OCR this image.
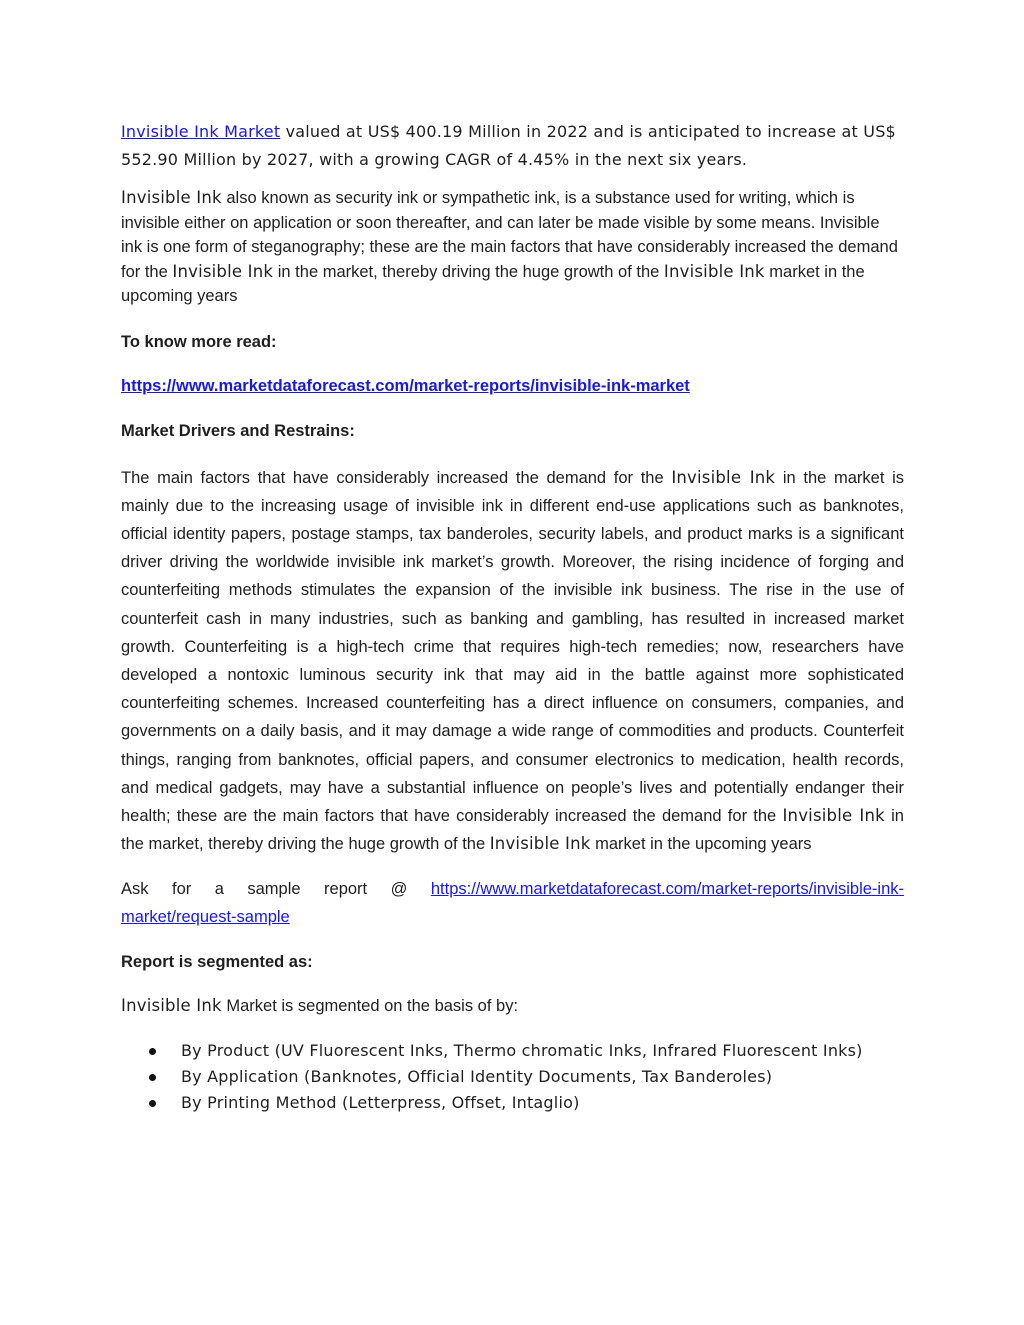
Invisible Ink Market valued at US$ 400.19 Million in 2022 and is anticipated to increase at US$ 552.90 Million by 2027, with a growing CAGR of 4.45% in the next six years.

Invisible Ink also known as security ink or sympathetic ink, is a substance used for writing, which is invisible either on application or soon thereafter, and can later be made visible by some means. Invisible ink is one form of steganography; these are the main factors that have considerably increased the demand for the Invisible Ink in the market, thereby driving the huge growth of the Invisible Ink market in the upcoming years

To know more read:

https://www.marketdataforecast.com/market-reports/invisible-ink-market

Market Drivers and Restrains:

The main factors that have considerably increased the demand for the Invisible Ink in the market is mainly due to the increasing usage of invisible ink in different end-use applications such as banknotes, official identity papers, postage stamps, tax banderoles, security labels, and product marks is a significant driver driving the worldwide invisible ink market’s growth. Moreover, the rising incidence of forging and counterfeiting methods stimulates the expansion of the invisible ink business. The rise in the use of counterfeit cash in many industries, such as banking and gambling, has resulted in increased market growth. Counterfeiting is a high-tech crime that requires high-tech remedies; now, researchers have developed a nontoxic luminous security ink that may aid in the battle against more sophisticated counterfeiting schemes. Increased counterfeiting has a direct influence on consumers, companies, and governments on a daily basis, and it may damage a wide range of commodities and products. Counterfeit things, ranging from banknotes, official papers, and consumer electronics to medication, health records, and medical gadgets, may have a substantial influence on people’s lives and potentially endanger their health; these are the main factors that have considerably increased the demand for the Invisible Ink in the market, thereby driving the huge growth of the Invisible Ink market in the upcoming years

Ask for a sample report @ https://www.marketdataforecast.com/market-reports/invisible-ink-market/request-sample

Report is segmented as:

Invisible Ink Market is segmented on the basis of by:

By Product (UV Fluorescent Inks, Thermo chromatic Inks, Infrared Fluorescent Inks)
By Application (Banknotes, Official Identity Documents, Tax Banderoles)
By Printing Method (Letterpress, Offset, Intaglio)
